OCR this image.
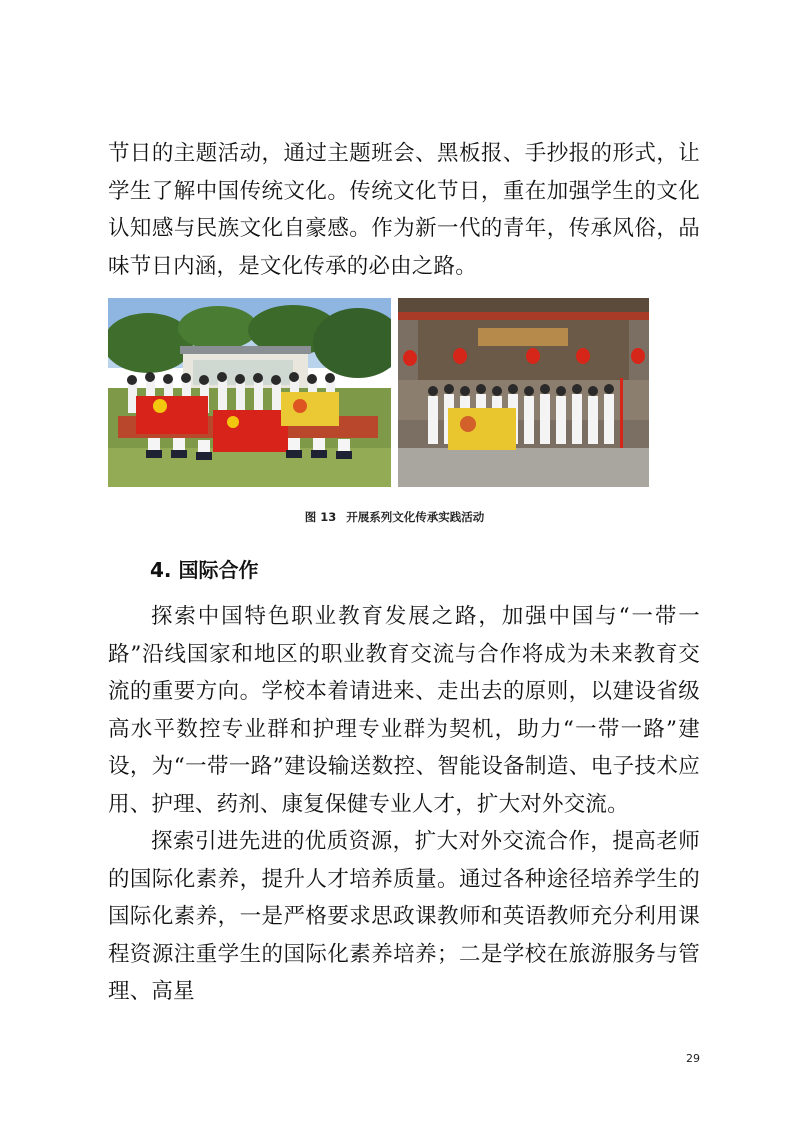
节日的主题活动，通过主题班会、黑板报、手抄报的形式，让学生了解中国传统文化。传统文化节日，重在加强学生的文化认知感与民族文化自豪感。作为新一代的青年，传承风俗，品味节日内涵，是文化传承的必由之路。

图 13 开展系列文化传承实践活动
4. 国际合作

探索中国特色职业教育发展之路，加强中国与“一带一路”沿线国家和地区的职业教育交流与合作将成为未来教育交流的重要方向。学校本着请进来、走出去的原则，以建设省级高水平数控专业群和护理专业群为契机，助力“一带一路”建设，为“一带一路”建设输送数控、智能设备制造、电子技术应用、护理、药剂、康复保健专业人才，扩大对外交流。

探索引进先进的优质资源，扩大对外交流合作，提高老师的国际化素养，提升人才培养质量。通过各种途径培养学生的国际化素养，一是严格要求思政课教师和英语教师充分利用课程资源注重学生的国际化素养培养；二是学校在旅游服务与管理、高星

29
